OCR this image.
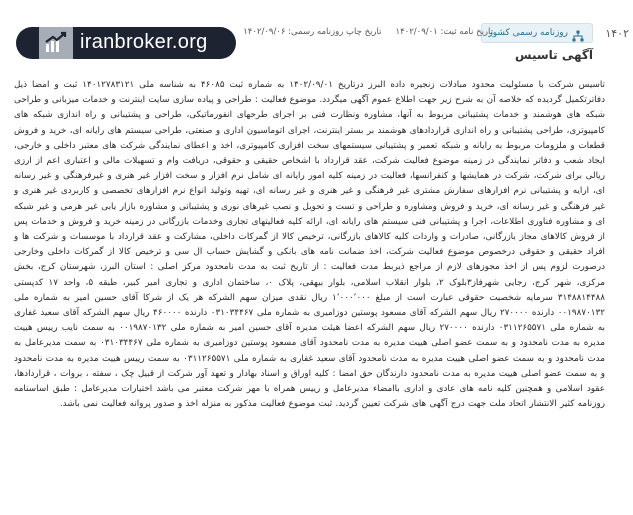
۱۴۰۲
روزنامه رسمی کشور
تاریخ نامه ثبت: ۱۴۰۲/۰۹/۰۱
تاریخ چاپ روزنامه رسمی: ۱۴۰۲/۰۹/۰۶
iranbroker.org
آگهی تاسیس
تاسیس شرکت با مسئولیت محدود مبادلات زنجیره داده البرز درتاریخ ۱۴۰۲/۰۹/۰۱ به شماره ثبت ۴۶۰۸۵ به شناسه ملی ۱۴۰۱۲۷۸۳۱۲۱ ثبت و امضا ذیل دفاترتکمیل گردیده که خلاصه آن به شرح زیر جهت اطلاع عموم آگهی میگردد. موضوع فعالیت : طراحی و پیاده سازی سایت اینترنت و خدمات میزبانی و طراحی شبکه های هوشمند و خدمات پشتیبانی مربوط به آنها، مشاوره ونظارت فنی بر اجرای طرحهای انفورماتیکی، طراحی و پشتیبانی و راه اندازی شبکه های کامپیوتری، طراحی پشتیبانی و راه اندازی قراردادهای هوشمند بر بستر اینترنت، اجرای اتوماسیون اداری و صنعتی، طراحی سیستم های رایانه ای، خرید و فروش قطعات و ملزومات مربوط به رایانه و شبکه تعمیر و پشتیبانی سیستمهای سخت افزاری کامپیوتری، اخذ و اعطای نمایندگی شرکت های معتبر داخلی و خارجی، ایجاد شعب و دفاتر نمایندگی در زمینه موضوع فعالیت شرکت، عقد قرارداد با اشخاص حقیقی و حقوقی، دریافت وام و تسهیلات مالی و اعتباری اعم از ارزی ریالی برای شرکت، شرکت در همایشها و کنفرانسها، فعالیت در زمینه کلیه امور رایانه ای شامل نرم افزار و سخت افزار غیر هنری و غیرفرهنگی و غیر رسانه ای، ارایه و پشتیبانی نرم افزارهای سفارش مشتری غیر فرهنگی و غیر هنری و غیر رسانه ای، تهیه وتولید انواع نرم افزارهای تخصصی و کاربردی غیر هنری و غیر فرهنگی و غیر رسانه ای، خرید و فروش ومشاوره و طراحی و تست و تحویل و نصب غیرهای نوری و پشتیبانی و مشاوره بازار یابی غیر هرمی و غیر شبکه ای و مشاوره فناوری اطلاعات، اجرا و پشتیبانی فنی سیستم های رایانه ای، ارائه کلیه فعالیتهای تجاری وخدمات بازرگانی در زمینه خرید و فروش و خدمات پس از فروش کالاهای مجاز بازرگانی، صادرات و واردات کلیه کالاهای بازرگانی، ترخیص کالا از گمرکات داخلی، مشارکت و عقد قرارداد با موسسات و شرکت ها و افراد حقیقی و حقوقی درخصوص موضوع فعالیت شرکت، اخذ ضمانت نامه های بانکی و گشایش حساب ال سی و ترخیص کالا از گمرکات داخلی وخارجی درصورت لزوم پس از اخذ مجوزهای لازم از مراجع ذیربط مدت فعالیت : از تاریخ ثبت به مدت نامحدود مرکز اصلی : استان البرز، شهرستان کرج، بخش مرکزی، شهر کرج، رجایی شهرفاز۳بلوک ۲، بلوار انقلاب اسلامی، بلوار بیهقی، پلاک ۰، ساختمان اداری و تجاری امیر کبیر، طبقه ۵، واحد ۱۷ کدپستی ۳۱۴۸۸۱۴۴۸۸ سرمایه شخصیت حقوقی عبارت است از مبلغ ۱٬۰۰۰٬۰۰۰ ریال نقدی میزان سهم الشرکه هر یک از شرکا آقای حسین امیر به شماره ملی ۰۰۱۹۸۷۰۱۳۲ دارنده ۲۷۰۰۰۰ ریال سهم الشرکه آقای مسعود پوستین دوزامیری به شماره ملی ۰۳۱۰۳۴۴۶۷ دارنده ۴۶۰۰۰۰ ریال سهم الشرکه آقای سعید غفاری به شماره ملی ۰۳۱۱۲۶۵۵۷۱ دارنده ۲۷۰۰۰۰ ریال سهم الشرکه اعضا هیئت مدیره آقای حسین امیر به شماره ملی ۰۰۱۹۸۷۰۱۳۲ به سمت نایب رییس هییت مدیره به مدت نامحدود و به سمت عضو اصلی هییت مدیره به مدت نامحدود آقای مسعود پوستین دوزامیری به شماره ملی ۰۳۱۰۳۴۴۶۷ به سمت مدیرعامل به مدت نامحدود و به سمت عضو اصلی هییت مدیره به مدت نامحدود آقای سعید غفاری به شماره ملی ۰۳۱۱۲۶۵۵۷۱ به سمت رییس هییت مدیره به مدت نامحدود و به سمت عضو اصلی هییت مدیره به مدت نامحدود دارندگان حق امضا : کلیه اوراق و اسناد بهادار و تعهد آور شرکت از قبیل چک ، سفته ، بروات ، قراردادها، عقود اسلامی و همچنین کلیه نامه های عادی و اداری باامضاء مدیرعامل و رییس همراه با مهر شرکت معتبر می باشد اختیارات مدیرعامل : طبق اساسنامه روزنامه کثیر الانتشار اتحاد ملت جهت درج آگهی های شرکت تعیین گردید. ثبت موضوع فعالیت مذکور به منزله اخذ و صدور پروانه فعالیت نمی باشد.
